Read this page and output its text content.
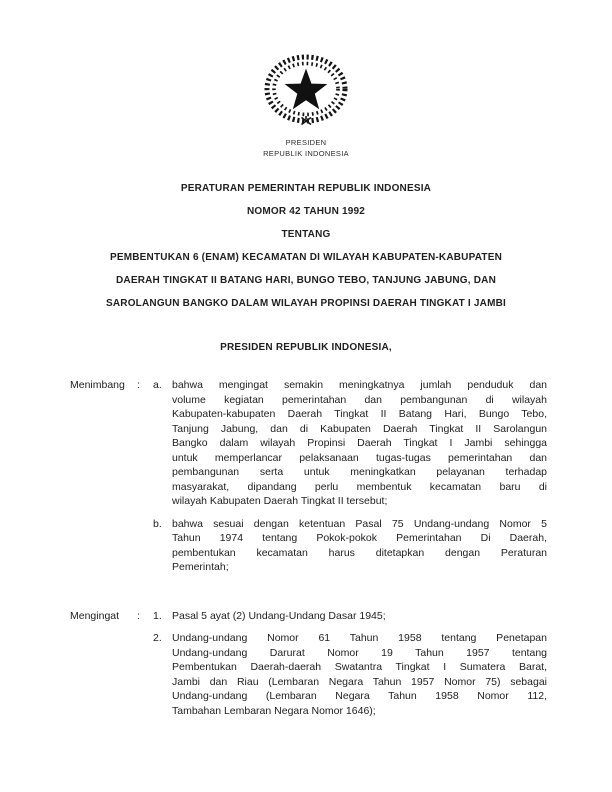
PRESIDEN
REPUBLIK INDONESIA
PERATURAN PEMERINTAH REPUBLIK INDONESIA
NOMOR 42 TAHUN 1992
TENTANG
PEMBENTUKAN 6 (ENAM) KECAMATAN DI WILAYAH KABUPATEN-KABUPATEN
DAERAH TINGKAT II BATANG HARI, BUNGO TEBO, TANJUNG JABUNG, DAN
SAROLANGUN BANGKO DALAM WILAYAH PROPINSI DAERAH TINGKAT I JAMBI
PRESIDEN REPUBLIK INDONESIA,
Menimbang	:	a. bahwa mengingat semakin meningkatnya jumlah penduduk dan
volume kegiatan pemerintahan dan pembangunan di wilayah
Kabupaten-kabupaten Daerah Tingkat II Batang Hari, Bungo Tebo,
Tanjung Jabung, dan di Kabupaten Daerah Tingkat II Sarolangun
Bangko dalam wilayah Propinsi Daerah Tingkat I Jambi sehingga
untuk memperlancar pelaksanaan tugas-tugas pemerintahan dan
pembangunan serta untuk meningkatkan pelayanan terhadap
masyarakat, dipandang perlu membentuk kecamatan baru di
wilayah Kabupaten Daerah Tingkat II tersebut;
b. bahwa sesuai dengan ketentuan Pasal 75 Undang-undang Nomor 5
Tahun 1974 tentang Pokok-pokok Pemerintahan Di Daerah,
pembentukan kecamatan harus ditetapkan dengan Peraturan
Pemerintah;
Mengingat	:	1. Pasal 5 ayat (2) Undang-Undang Dasar 1945;
2. Undang-undang Nomor 61 Tahun 1958 tentang Penetapan
Undang-undang Darurat Nomor 19 Tahun 1957 tentang
Pembentukan Daerah-daerah Swatantra Tingkat I Sumatera Barat,
Jambi dan Riau (Lembaran Negara Tahun 1957 Nomor 75) sebagai
Undang-undang (Lembaran Negara Tahun 1958 Nomor 112,
Tambahan Lembaran Negara Nomor 1646);
